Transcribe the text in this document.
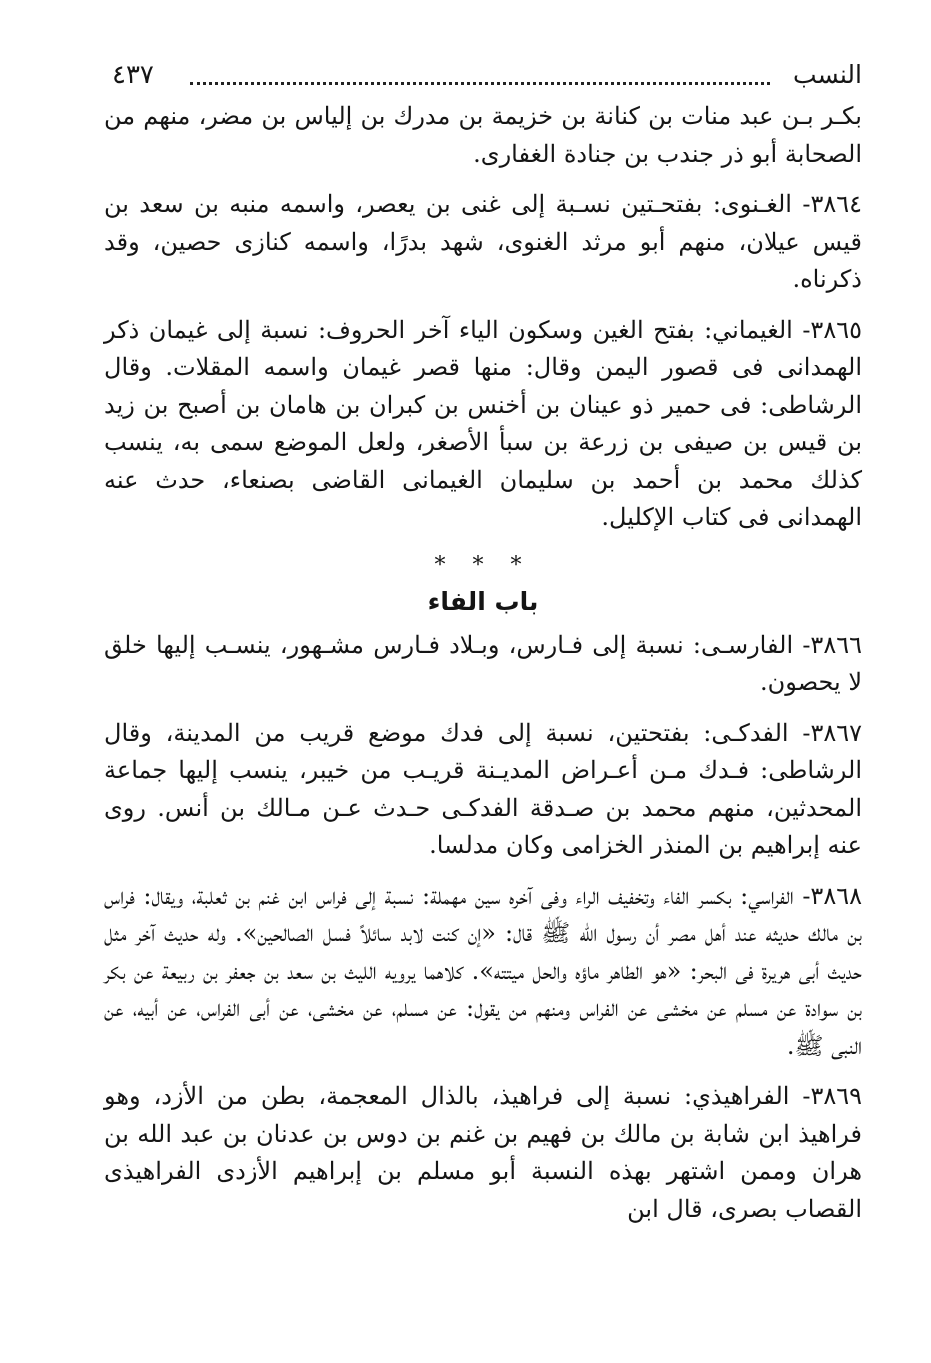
النسب
٤٣٧

بكـر بـن عبد منات بن كنانة بن خزيمة بن مدرك بن إلياس بن مضر، منهم من الصحابة أبو ذر جندب بن جنادة الغفارى.

٣٨٦٤- الغـنوى: بفتحـتين نسـبة إلى غنى بن يعصر، واسمه منبه بن سعد بن قيس عيلان، منهم أبو مرثد الغنوى، شهد بدرًا، واسمه كنازى حصين، وقد ذكرناه.

٣٨٦٥- الغيماني: بفتح الغين وسكون الياء آخر الحروف: نسبة إلى غيمان ذكر الهمدانى فى قصور اليمن وقال: منها قصر غيمان واسمه المقلات. وقال الرشاطى: فى حمير ذو عينان بن أخنس بن كبران بن هامان بن أصبح بن زيد بن قيس بن صيفى بن زرعة بن سبأ الأصغر، ولعل الموضع سمى به، ينسب كذلك محمد بن أحمد بن سليمان الغيمانى القاضى بصنعاء، حدث عنه الهمدانى فى كتاب الإكليل.

* * *
باب الفاء

٣٨٦٦- الفارسـى: نسبة إلى فـارس، وبـلاد فـارس مشـهور، ينسـب إليها خلق لا يحصون.

٣٨٦٧- الفدكـى: بفتحتين، نسبة إلى فدك موضع قريب من المدينة، وقال الرشاطى: فـدك مـن أعـراض المديـنة قريـب من خيبر، ينسب إليها جماعة المحدثين، منهم محمد بن صـدقة الفدكـى حـدث عـن مـالك بن أنس. روى عنه إبراهيم بن المنذر الخزامى وكان مدلسا.

٣٨٦٨- الفراسي: بكسر الفاء وتخفيف الراء وفى آخره سين مهملة: نسبة إلى فراس ابن غنم بن ثعلبة، ويقال: فراس بن مالك حديثه عند أهل مصر أن رسول الله ﷺ قال: «إن كنت لابد سائلاً فسل الصالحين». وله حديث آخر مثل حديث أبى هريرة فى البحر: «هو الطاهر ماؤه والحل ميتته». كلاهما يرويه الليث بن سعد بن جعفر بن ربيعة عن بكر بن سوادة عن مسلم عن مخشى عن الفراس ومنهم من يقول: عن مسلم، عن مخشى، عن أبى الفراس، عن أبيه، عن النبى ﷺ.

٣٨٦٩- الفراهيذي: نسبة إلى فراهيذ، بالذال المعجمة، بطن من الأزد، وهو فراهيذ ابن شابة بن مالك بن فهيم بن غنم بن دوس بن عدنان بن عبد الله بن هران وممن اشتهر بهذه النسبة أبو مسلم بن إبراهيم الأزدى الفراهيذى القصاب بصرى، قال ابن
